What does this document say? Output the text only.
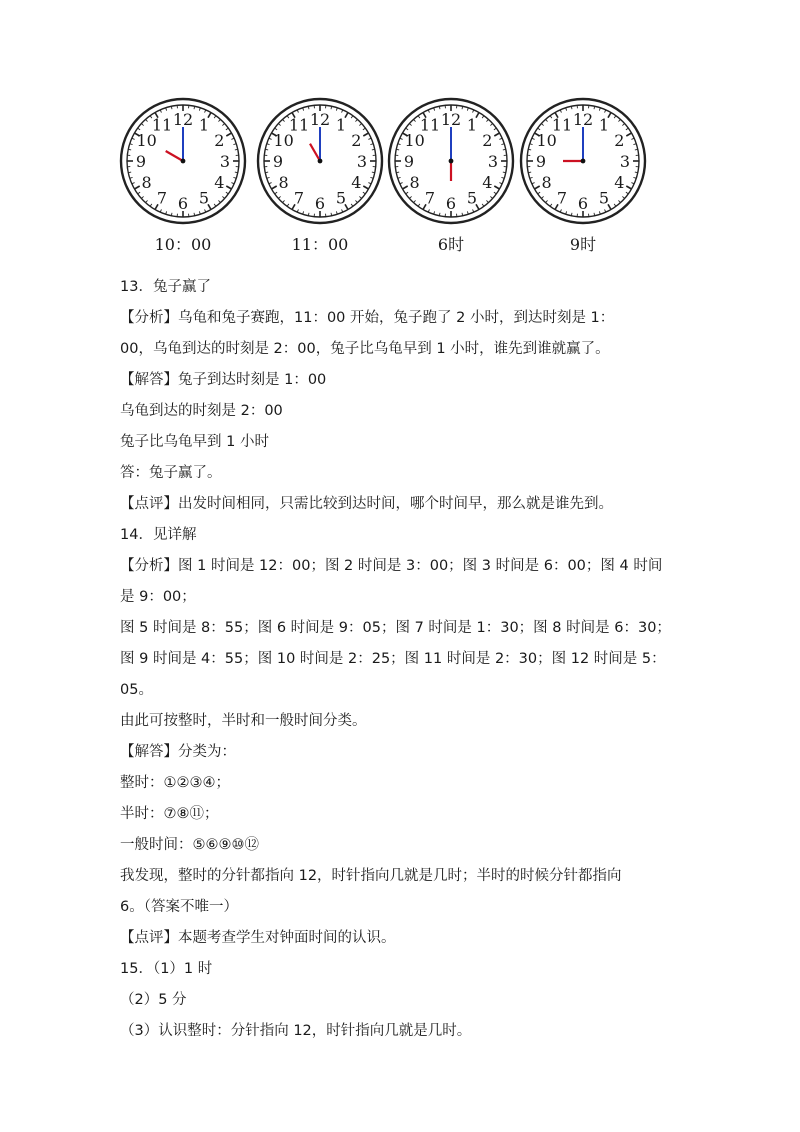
12 1
2
3
4
5
6
7
8
9
10
11
10：00
12 1
2
3
4
5
6
7
8
9
10
11
11：00
12 1
2
3
4
5
6
7
8
9
10
11
6时
12 1
2
3
4
5
6
7
8
9
10
11
9时
13．兔子赢了
【分析】乌龟和兔子赛跑，11：00 开始，兔子跑了 2 小时，到达时刻是 1：
00，乌龟到达的时刻是 2：00，兔子比乌龟早到 1 小时，谁先到谁就赢了。
【解答】兔子到达时刻是 1：00
乌龟到达的时刻是 2：00
兔子比乌龟早到 1 小时
答：兔子赢了。
【点评】出发时间相同，只需比较到达时间，哪个时间早，那么就是谁先到。
14．见详解
【分析】图 1 时间是 12：00；图 2 时间是 3：00；图 3 时间是 6：00；图 4 时间
是 9：00；
图 5 时间是 8：55；图 6 时间是 9：05；图 7 时间是 1：30；图 8 时间是 6：30；
图 9 时间是 4：55；图 10 时间是 2：25；图 11 时间是 2：30；图 12 时间是 5：
05。
由此可按整时，半时和一般时间分类。
【解答】分类为：
整时：①②③④；
半时：⑦⑧⑪；
一般时间：⑤⑥⑨⑩⑫
我发现，整时的分针都指向 12，时针指向几就是几时；半时的时候分针都指向
6。（答案不唯一）
【点评】本题考查学生对钟面时间的认识。
15．（1）1 时
（2）5 分
（3）认识整时：分针指向 12，时针指向几就是几时。
